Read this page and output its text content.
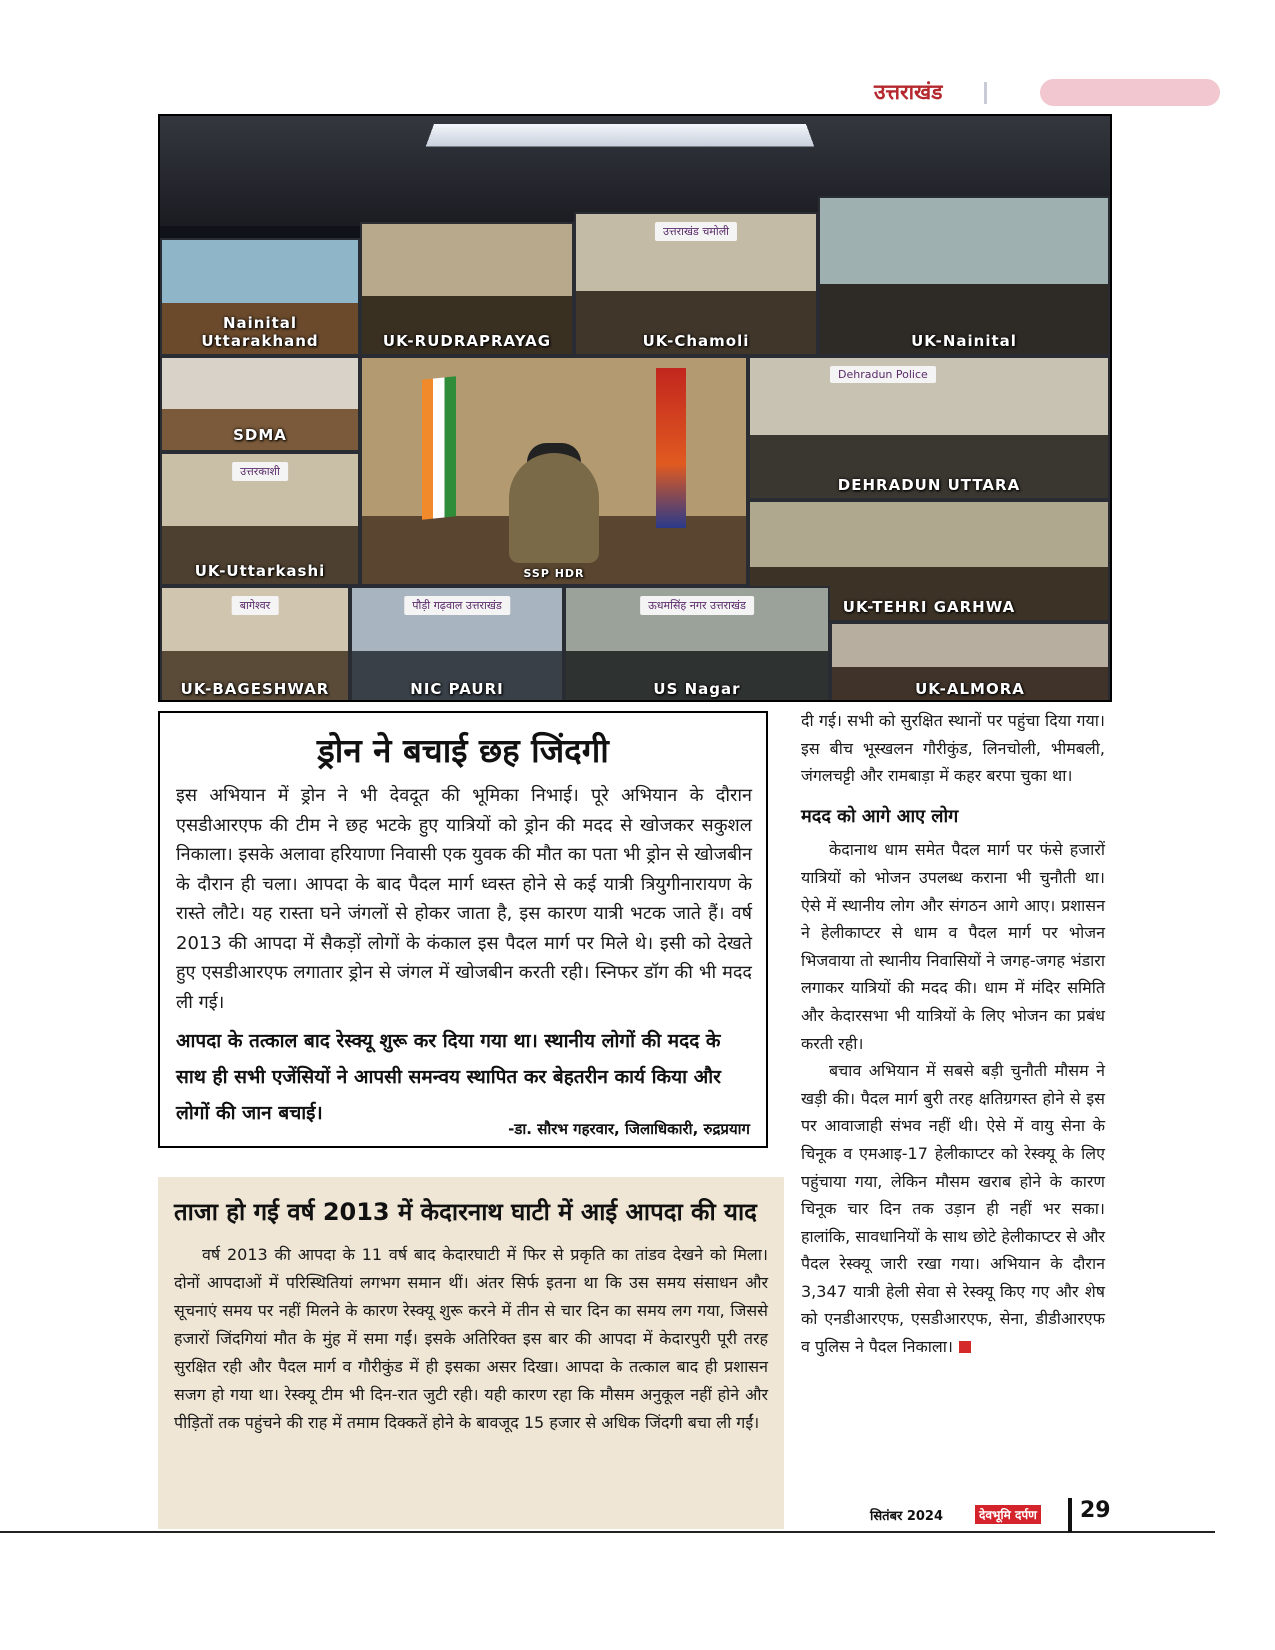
उत्तराखंड
Nainital Uttarakhand	UK-RUDRAPRAYAG
उत्तराखंड चमोली
UK-Chamoli	UK-Nainital
SDMA
SSP HDR
Dehradun Police
DEHRADUN UTTARA
उत्तरकाशी
UK-Uttarkashi
UK-TEHRI GARHWA
बागेश्वर
UK-BAGESHWAR
पौड़ी गढ़वाल उत्तराखंड
NIC PAURI
ऊधमसिंह नगर उत्तराखंड
US Nagar	UK-ALMORA
ड्रोन ने बचाई छह जिंदगी
इस अभियान में ड्रोन ने भी देवदूत की भूमिका निभाई। पूरे अभियान के दौरान एसडीआरएफ की टीम ने छह भटके हुए यात्रियों को ड्रोन की मदद से खोजकर सकुशल निकाला। इसके अलावा हरियाणा निवासी एक युवक की मौत का पता भी ड्रोन से खोजबीन के दौरान ही चला। आपदा के बाद पैदल मार्ग ध्वस्त होने से कई यात्री त्रियुगीनारायण के रास्ते लौटे। यह रास्ता घने जंगलों से होकर जाता है, इस कारण यात्री भटक जाते हैं। वर्ष 2013 की आपदा में सैकड़ों लोगों के कंकाल इस पैदल मार्ग पर मिले थे। इसी को देखते हुए एसडीआरएफ लगातार ड्रोन से जंगल में खोजबीन करती रही। स्निफर डॉग की भी मदद ली गई।
आपदा के तत्काल बाद रेस्क्यू शुरू कर दिया गया था। स्थानीय लोगों की मदद के साथ ही सभी एजेंसियों ने आपसी समन्वय स्थापित कर बेहतरीन कार्य किया और लोगों की जान बचाई।
-डा. सौरभ गहरवार, जिलाधिकारी, रुद्रप्रयाग

दी गई। सभी को सुरक्षित स्थानों पर पहुंचा दिया गया। इस बीच भूस्खलन गौरीकुंड, लिनचोली, भीमबली, जंगलचट्टी और रामबाड़ा में कहर बरपा चुका था।

मदद को आगे आए लोग

केदानाथ धाम समेत पैदल मार्ग पर फंसे हजारों यात्रियों को भोजन उपलब्ध कराना भी चुनौती था। ऐसे में स्थानीय लोग और संगठन आगे आए। प्रशासन ने हेलीकाप्टर से धाम व पैदल मार्ग पर भोजन भिजवाया तो स्थानीय निवासियों ने जगह-जगह भंडारा लगाकर यात्रियों की मदद की। धाम में मंदिर समिति और केदारसभा भी यात्रियों के लिए भोजन का प्रबंध करती रही।

बचाव अभियान में सबसे बड़ी चुनौती मौसम ने खड़ी की। पैदल मार्ग बुरी तरह क्षतिग्रगस्त होने से इस पर आवाजाही संभव नहीं थी। ऐसे में वायु सेना के चिनूक व एमआइ-17 हेलीकाप्टर को रेस्क्यू के लिए पहुंचाया गया, लेकिन मौसम खराब होने के कारण चिनूक चार दिन तक उड़ान ही नहीं भर सका। हालांकि, सावधानियों के साथ छोटे हेलीकाप्टर से और पैदल रेस्क्यू जारी रखा गया। अभियान के दौरान 3,347 यात्री हेली सेवा से रेस्क्यू किए गए और शेष को एनडीआरएफ, एसडीआरएफ, सेना, डीडीआरएफ व पुलिस ने पैदल निकाला।

ताजा हो गई वर्ष 2013 में केदारनाथ घाटी में आई आपदा की याद
वर्ष 2013 की आपदा के 11 वर्ष बाद केदारघाटी में फिर से प्रकृति का तांडव देखने को मिला। दोनों आपदाओं में परिस्थितियां लगभग समान थीं। अंतर सिर्फ इतना था कि उस समय संसाधन और सूचनाएं समय पर नहीं मिलने के कारण रेस्क्यू शुरू करने में तीन से चार दिन का समय लग गया, जिससे हजारों जिंदगियां मौत के मुंह में समा गईं। इसके अतिरिक्त इस बार की आपदा में केदारपुरी पूरी तरह सुरक्षित रही और पैदल मार्ग व गौरीकुंड में ही इसका असर दिखा। आपदा के तत्काल बाद ही प्रशासन सजग हो गया था। रेस्क्यू टीम भी दिन-रात जुटी रही। यही कारण रहा कि मौसम अनुकूल नहीं होने और पीड़ितों तक पहुंचने की राह में तमाम दिक्कतें होने के बावजूद 15 हजार से अधिक जिंदगी बचा ली गईं।
सितंबर 2024	देवभूमि दर्पण 29
